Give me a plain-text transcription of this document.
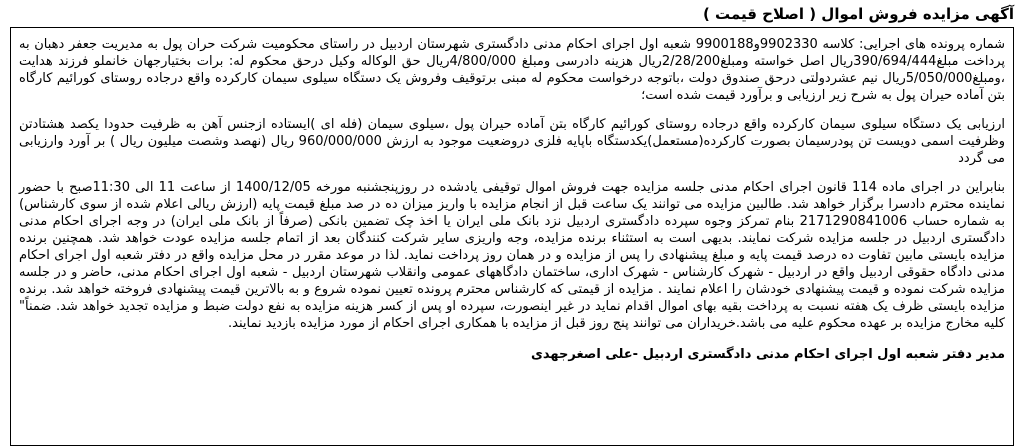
آگهی مزایده فروش اموال ( اصلاح قیمت )

شماره پرونده های اجرایی: کلاسه 9902330و9900188 شعبه اول اجرای احکام مدنی دادگستری شهرستان اردبیل در راستای محکومیت شرکت حران پول به مدیریت جعفر دهبان به پرداخت مبلغ390/694/444ریال اصل خواسته ومبلغ2/28/200ریال هزینه دادرسی ومبلغ 4/800/000ریال حق الوکاله وکیل درحق محکوم له: برات بختیارجهان خانملو فرزند هدایت ،ومبلغ5/050/000ریال نیم عشردولتی درحق صندوق دولت ،باتوجه درخواست محکوم له مبنی برتوقیف وفروش یک دستگاه سیلوی سیمان کارکرده واقع درجاده روستای کورائیم کارگاه بتن آماده حیران پول به شرح زیر ارزیابی و برآورد قیمت شده است؛

ارزیابی یک دستگاه سیلوی سیمان کارکرده واقع درجاده روستای کورائیم کارگاه بتن آماده حیران پول ،سیلوی سیمان (فله ای )ایستاده ازجنس آهن به ظرفیت حدودا یکصد هشتادتن وظرفیت اسمی دویست تن پودرسیمان بصورت کارکرده(مستعمل)یکدستگاه باپایه فلزی دروضعیت موجود به ارزش 960/000/000 ریال (نهصد وشصت میلیون ریال ) بر آورد وارزیابی می گردد

بنابراین در اجرای ماده 114 قانون اجرای احکام مدنی جلسه مزایده جهت فروش اموال توقیفی یادشده در روزپنجشنبه مورخه 1400/12/05 از ساعت 11 الی 11:30صبح با حضور نماینده محترم دادسرا برگزار خواهد شد. طالبین مزایده می توانند یک ساعت قبل از انجام مزایده با واریز میزان ده در صد مبلغ قیمت پایه (ارزش ریالی اعلام شده از سوی کارشناس) به شماره حساب 2171290841006 بنام تمرکز وجوه سپرده دادگستری اردبیل نزد بانک ملی ایران یا اخذ چک تضمین بانکی (صرفاً از بانک ملی ایران) در وجه اجرای احکام مدنی دادگستری اردبیل در جلسه مزایده شرکت نمایند. بدیهی است به استثناء برنده مزایده، وجه واریزی سایر شرکت کنندگان بعد از اتمام جلسه مزایده عودت خواهد شد. همچنین برنده مزایده بایستی مابین تفاوت ده درصد قیمت پایه و مبلغ پیشنهادی را پس از مزایده و در همان روز پرداخت نماید. لذا در موعد مقرر در محل مزایده واقع در دفتر شعبه اول اجرای احکام مدنی دادگاه حقوقی اردبیل واقع در اردبیل - شهرک کارشناس - شهرک اداری، ساختمان دادگاههای عمومی وانقلاب شهرستان اردبیل - شعبه اول اجرای احکام مدنی، حاضر و در جلسه مزایده شرکت نموده و قیمت پیشنهادی خودشان را اعلام نمایند . مزایده از قیمتی که کارشناس محترم پرونده تعیین نموده شروع و به بالاترین قیمت پیشنهادی فروخته خواهد شد. برنده مزایده بایستی ظرف یک هفته نسبت به پرداخت بقیه بهای اموال اقدام نماید در غیر اینصورت، سپرده او پس از کسر هزینه مزایده به نفع دولت ضبط و مزایده تجدید خواهد شد. ضمناً" کلیه مخارج مزایده بر عهده محکوم علیه می باشد.خریداران می توانند پنج روز قبل از مزایده با همکاری اجرای احکام از مورد مزایده بازدید نمایند.

مدیر دفتر شعبه اول اجرای احکام مدنی دادگستری اردبیل -علی اصغرجهدی
